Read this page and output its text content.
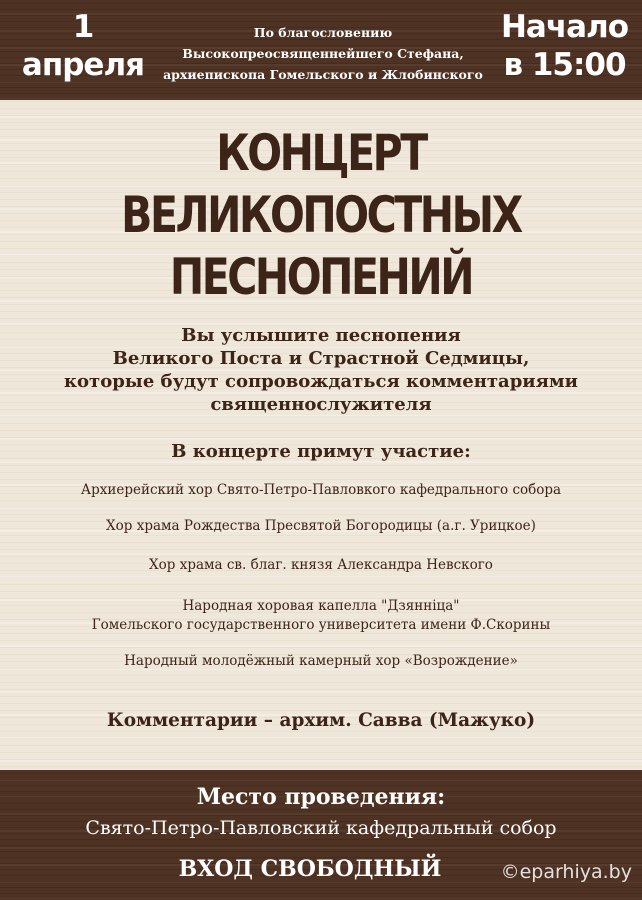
1
апреля
По благословению
Высокопреосвященнейшего Стефана,
архиепископа Гомельского и Жлобинского
Начало
в 15:00
КОНЦЕРТ
ВЕЛИКОПОСТНЫХ
ПЕСНОПЕНИЙ
Вы услышите песнопения
Великого Поста и Страстной Седмицы,
которые будут сопровождаться комментариями
священнослужителя
В концерте примут участие:
Архиерейский хор Свято-Петро-Павловкого кафедрального собора
Хор храма Рождества Пресвятой Богородицы (а.г. Урицкое)
Хор храма св. благ. князя Александра Невского
Народная хоровая капелла "Дзянніца"
Гомельского государственного университета имени Ф.Скорины
Народный молодёжный камерный хор «Возрождение»
Комментарии – архим. Савва (Мажуко)
Место проведения:
Свято-Петро-Павловский кафедральный собор
ВХОД СВОБОДНЫЙ	©eparhiya.by
